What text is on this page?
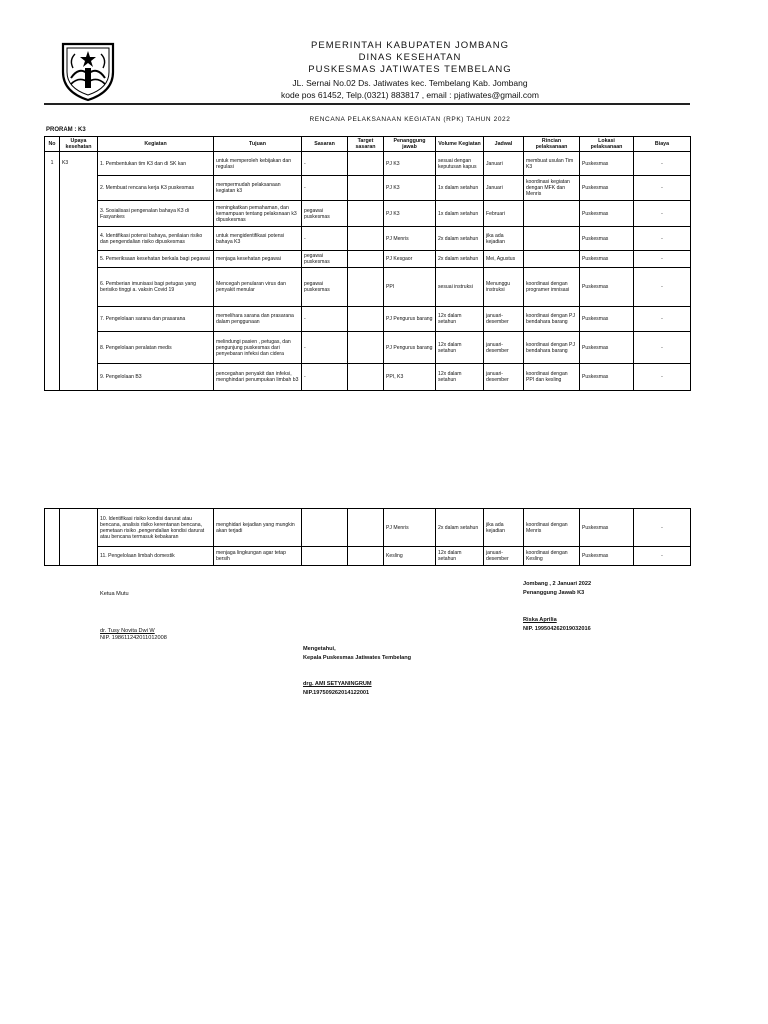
PEMERINTAH KABUPATEN JOMBANG
DINAS KESEHATAN
PUSKESMAS JATIWATES TEMBELANG
JL. Sernai No.02 Ds. Jatiwates kec. Tembelang Kab. Jombang
kode pos 61452, Telp.(0321) 883817 , email : pjatiwates@gmail.com
RENCANA PELAKSANAAN KEGIATAN (RPK) TAHUN 2022
PRORAM : K3
No	Upaya kesehatan	Kegiatan	Tujuan	Sasaran	Target sasaran	Penanggung jawab	Volume Kegiatan	Jadwal	Rincian pelaksanaan	Lokasi pelaksanaan	Biaya
1	K3	1. Pembentukan tim K3 dan di SK kan	untuk memperoleh kebijakan dan regulasi	-		PJ K3	sesuai dengan keputusan kapus	Januari	membuat usulan Tim K3	Puskesmas	-
		2. Membuat rencana kerja K3 puskesmas	mempermudah pelaksanaan kegiatan k3	-		PJ K3	1x dalam setahun	Januari	koordinasi kegiatan dengan MFK dan Menris	Puskesmas	-
		3. Sosialisasi pengenalan bahaya K3 di Fasyankes	meningkatkan pemahaman, dan kemampuan tentang pelaksnaan k3 dipuskesmas	pegawai puskesmas		PJ K3	1x dalam setahun	Februari		Puskesmas	-
		4. Identifikasi potensi bahaya, penilaian risiko dan pengendalian risiko dipuskesmas	untuk mengidentifikasi potensi bahaya K3	-		PJ Menris	2x dalam setahun	jika ada kejadian		Puskesmas	-
		5. Pemeriksaan kesehatan berkala bagi pegawai	menjaga kesehatan pegawai	pegawai puskesmas		PJ Kesgaor	2x dalam setahun	Mei, Agustus		Puskesmas	-
		6. Pemberian imunisasi bagi petugas yang berisiko tinggi a. vaksin Covid 19	Mencegah penularan virus dan penyakit menular	pegawai puskesmas		PPI	sesuai instruksi	Menunggu instruksi	koordinasi dengan programer imnisasi	Puskesmas	-
		7. Pengelolaan sarana dan prasarana	memelihara sarana dan prasarana dalam penggunaan	-		PJ Pengurus barang	12x dalam setahun	januari-desember	koordinasi dengan PJ bendahara barang	Puskesmas	-
		8. Pengelolaan peralatan medis	melindungi pasien , petugas, dan pengunjung puskesmas dari penyebaran infeksi dan cidera	-		PJ Pengurus barang	12x dalam setahun	januari-desember	koordinasi dengan PJ bendahara barang	Puskesmas	-
		9. Pengelolaan B3	pencegahan penyakit dan infeksi, menghindari penumpukan limbah b3	-		PPI, K3	12x dalam setahun	januari-desember	koordinasi dengan PPI dan kesling	Puskesmas	-
		10. Identifikasi risiko kondisi darurat atau bencana, analisis risiko kerentanan bencana, pemetaan risiko ,pengendalian kondisi darurat atau bencana termasuk kebakaran	menghidari kejadian yang mungkin akan terjadi			PJ Menris	2x dalam setahun	jika ada kejadian	koordinasi dengan Menris	Puskesmas	-
		11. Pengelolaan limbah domestik	menjaga lingkungan agar tetap bersih			Kesling	12x dalam setahun	januari-desember	koordinasi dengan Kesling	Puskesmas	-
Jombang , 2 Januari 2022
Penanggung Jawab K3
Riska Aprilia
NIP. 199504262019032016
Ketua Mutu
dr. Tusy Novita Dwi W
NIP. 198611242011012008
Mengetahui,
Kepala Puskesmas Jatiwates Tembelang
drg. AMI SETYANINGRUM
NIP.197509262014122001
